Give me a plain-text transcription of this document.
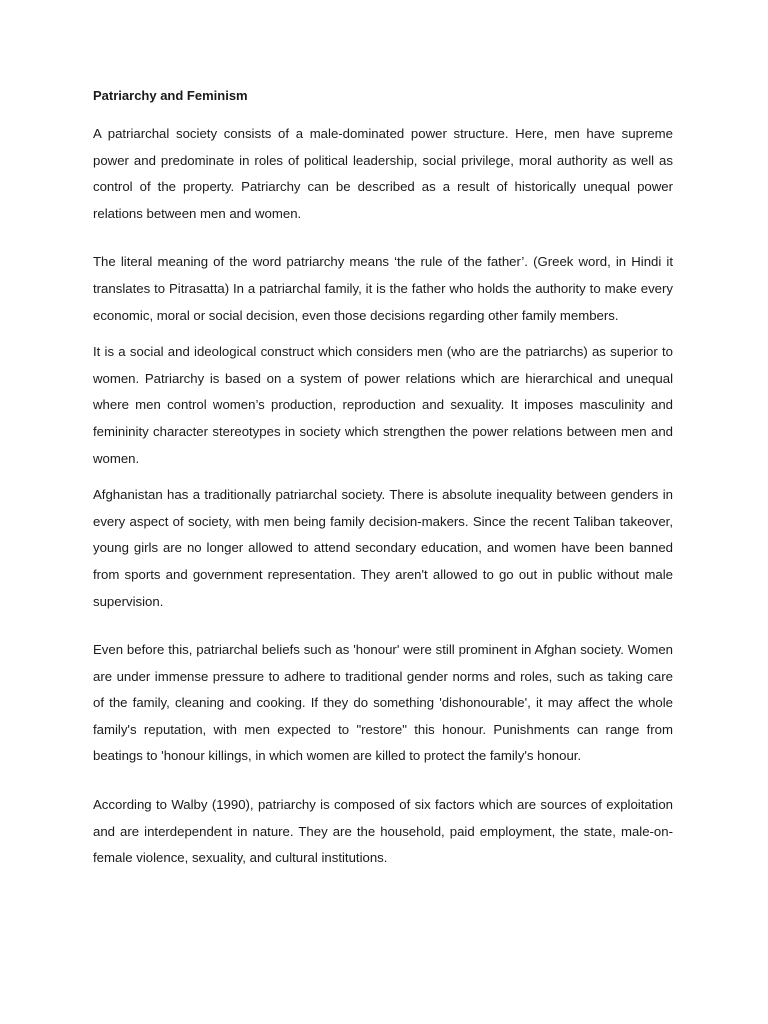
Patriarchy and Feminism

A patriarchal society consists of a male-dominated power structure. Here, men have supreme power and predominate in roles of political leadership, social privilege, moral authority as well as control of the property. Patriarchy can be described as a result of historically unequal power relations between men and women.

The literal meaning of the word patriarchy means ‘the rule of the father’. (Greek word, in Hindi it translates to Pitrasatta) In a patriarchal family, it is the father who holds the authority to make every economic, moral or social decision, even those decisions regarding other family members.

It is a social and ideological construct which considers men (who are the patriarchs) as superior to women. Patriarchy is based on a system of power relations which are hierarchical and unequal where men control women’s production, reproduction and sexuality. It imposes masculinity and femininity character stereotypes in society which strengthen the power relations between men and women.

Afghanistan has a traditionally patriarchal society. There is absolute inequality between genders in every aspect of society, with men being family decision-makers. Since the recent Taliban takeover, young girls are no longer allowed to attend secondary education, and women have been banned from sports and government representation. They aren't allowed to go out in public without male supervision.

Even before this, patriarchal beliefs such as 'honour' were still prominent in Afghan society. Women are under immense pressure to adhere to traditional gender norms and roles, such as taking care of the family, cleaning and cooking. If they do something 'dishonourable', it may affect the whole family's reputation, with men expected to "restore" this honour. Punishments can range from beatings to 'honour killings, in which women are killed to protect the family's honour.

According to Walby (1990), patriarchy is composed of six factors which are sources of exploitation and are interdependent in nature. They are the household, paid employment, the state, male-on-female violence, sexuality, and cultural institutions.
